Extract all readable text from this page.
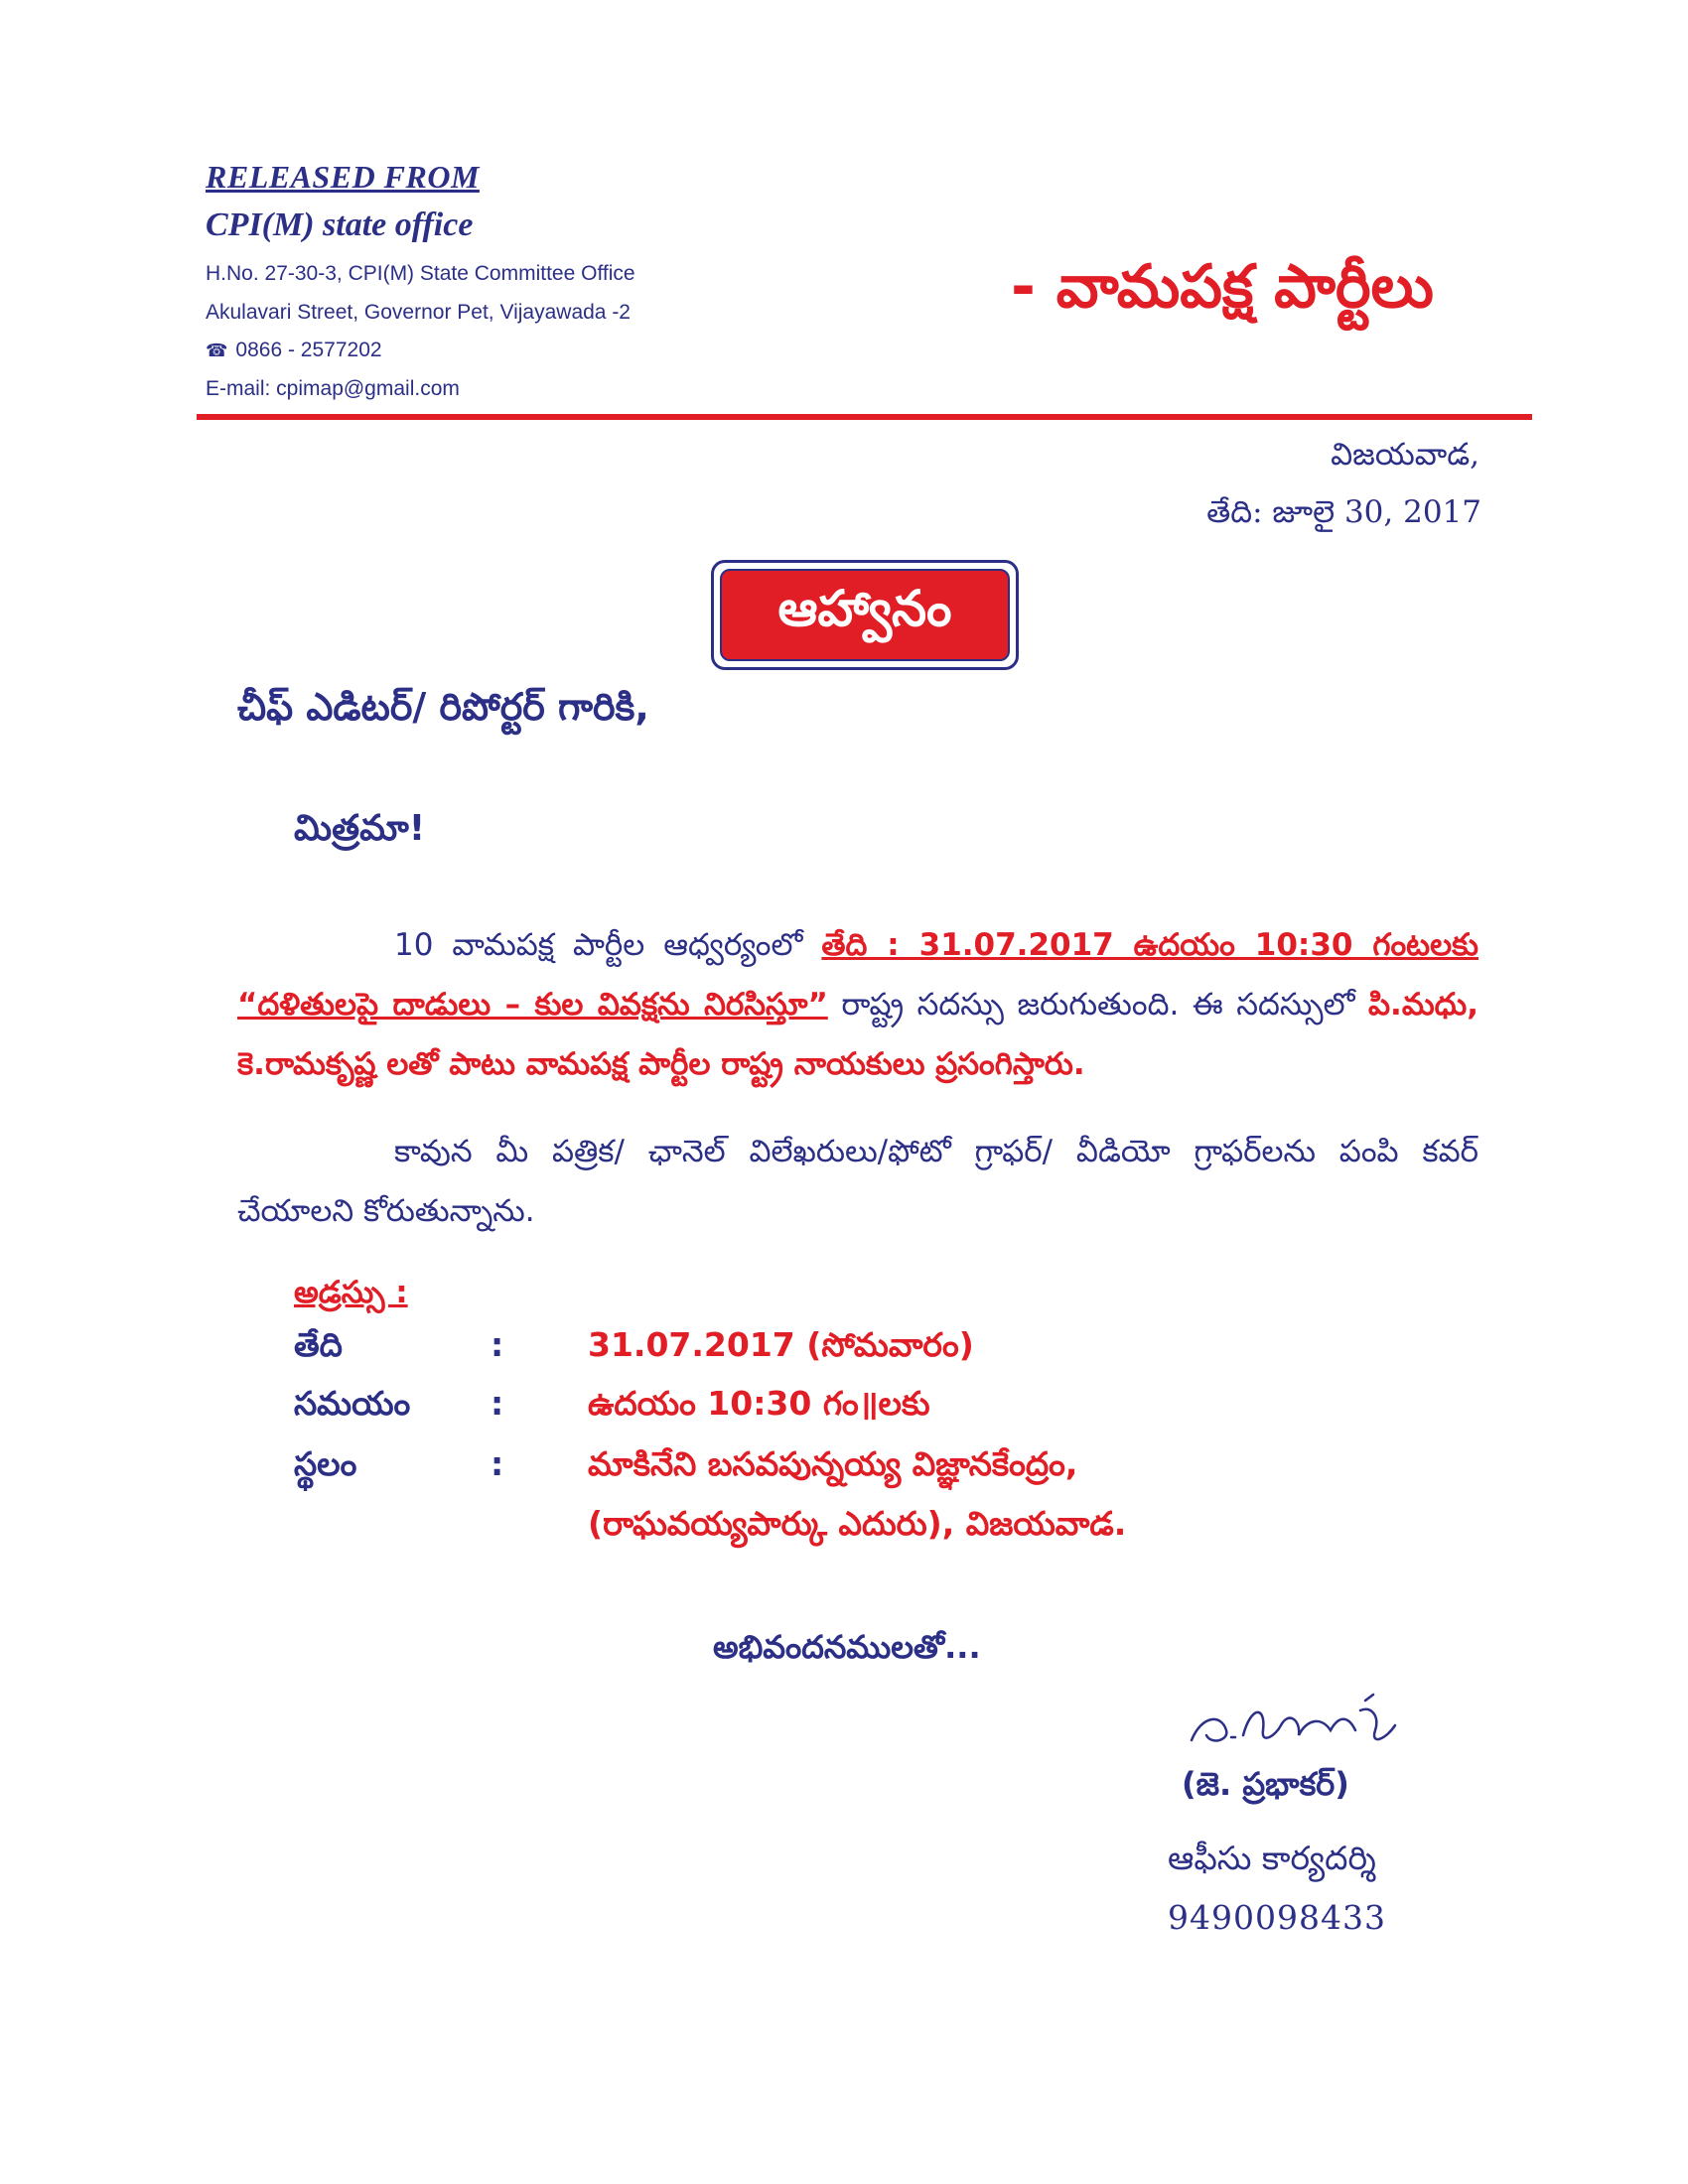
RELEASED FROM
CPI(M) state office
H.No. 27-30-3, CPI(M) State Committee Office
Akulavari Street, Governor Pet, Vijayawada -2
☎ 0866 - 2577202
E-mail: cpimap@gmail.com
- వామపక్ష పార్టీలు
విజయవాడ,
తేది: జూలై 30, 2017
ఆహ్వానం
చీఫ్ ఎడిటర్/ రిపోర్టర్ గారికి,
మిత్రమా!
10 వామపక్ష పార్టీల ఆధ్వర్యంలో తేది : 31.07.2017 ఉదయం 10:30 గంటలకు “దళితులపై దాడులు – కుల వివక్షను నిరసిస్తూ” రాష్ట్ర సదస్సు జరుగుతుంది. ఈ సదస్సులో పి.మధు, కె.రామకృష్ణ లతో పాటు వామపక్ష పార్టీల రాష్ట్ర నాయకులు ప్రసంగిస్తారు.
కావున మీ పత్రిక/ ఛానెల్ విలేఖరులు/ఫోటో గ్రాఫర్/ వీడియో గ్రాఫర్‌లను పంపి కవర్ చేయాలని కోరుతున్నాను.
అడ్రస్సు :
తేది	:	31.07.2017 (సోమవారం)
సమయం :	ఉదయం 10:30 గం॥లకు
స్థలం	:	మాకినేని బసవపున్నయ్య విజ్ఞానకేంద్రం,
(రాఘవయ్యపార్కు ఎదురు), విజయవాడ.
అభివందనములతో...
(జె. ప్రభాకర్)
ఆఫీసు కార్యదర్శి
9490098433
